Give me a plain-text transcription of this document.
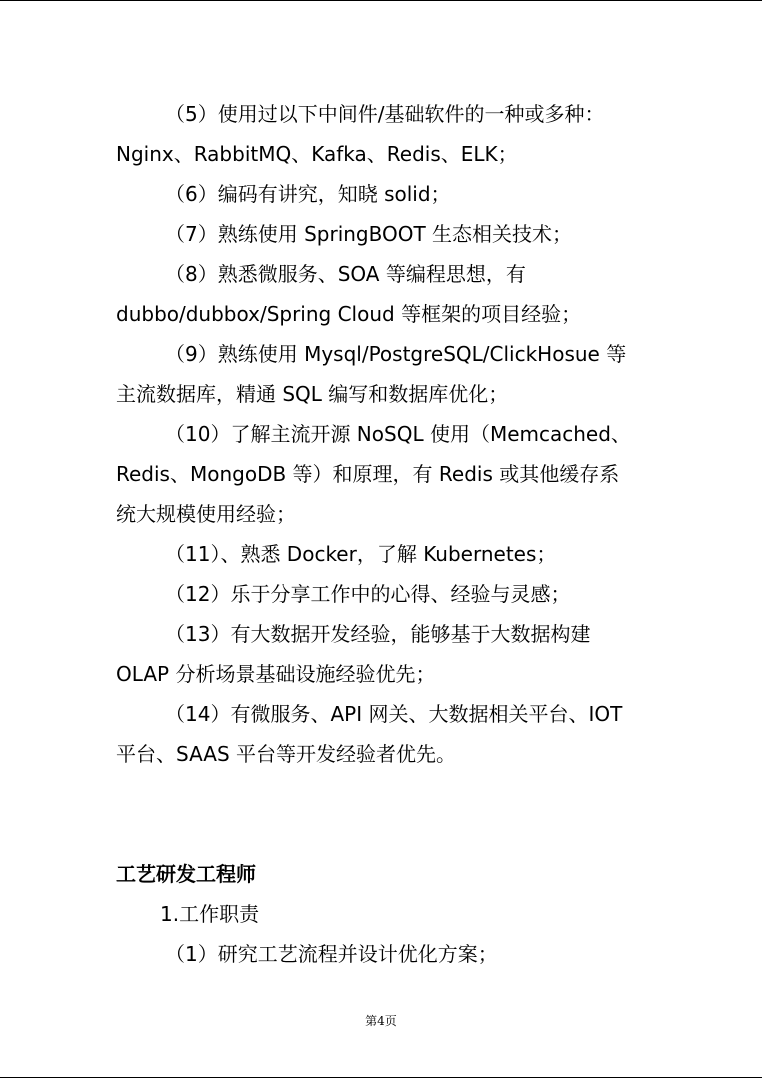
（5）使用过以下中间件/基础软件的一种或多种：
Nginx、RabbitMQ、Kafka、Redis、ELK；
（6）编码有讲究，知晓 solid；
（7）熟练使用 SpringBOOT 生态相关技术；
（8）熟悉微服务、SOA 等编程思想，有
dubbo/dubbox/Spring Cloud 等框架的项目经验；
（9）熟练使用 Mysql/PostgreSQL/ClickHosue 等
主流数据库，精通 SQL 编写和数据库优化；
（10）了解主流开源 NoSQL 使用（Memcached、
Redis、MongoDB 等）和原理，有 Redis 或其他缓存系
统大规模使用经验；
（11）、熟悉 Docker，了解 Kubernetes；
（12）乐于分享工作中的心得、经验与灵感；
（13）有大数据开发经验，能够基于大数据构建
OLAP 分析场景基础设施经验优先；
（14）有微服务、API 网关、大数据相关平台、IOT
平台、SAAS 平台等开发经验者优先。
工艺研发工程师
1.工作职责
（1）研究工艺流程并设计优化方案；
第4页
